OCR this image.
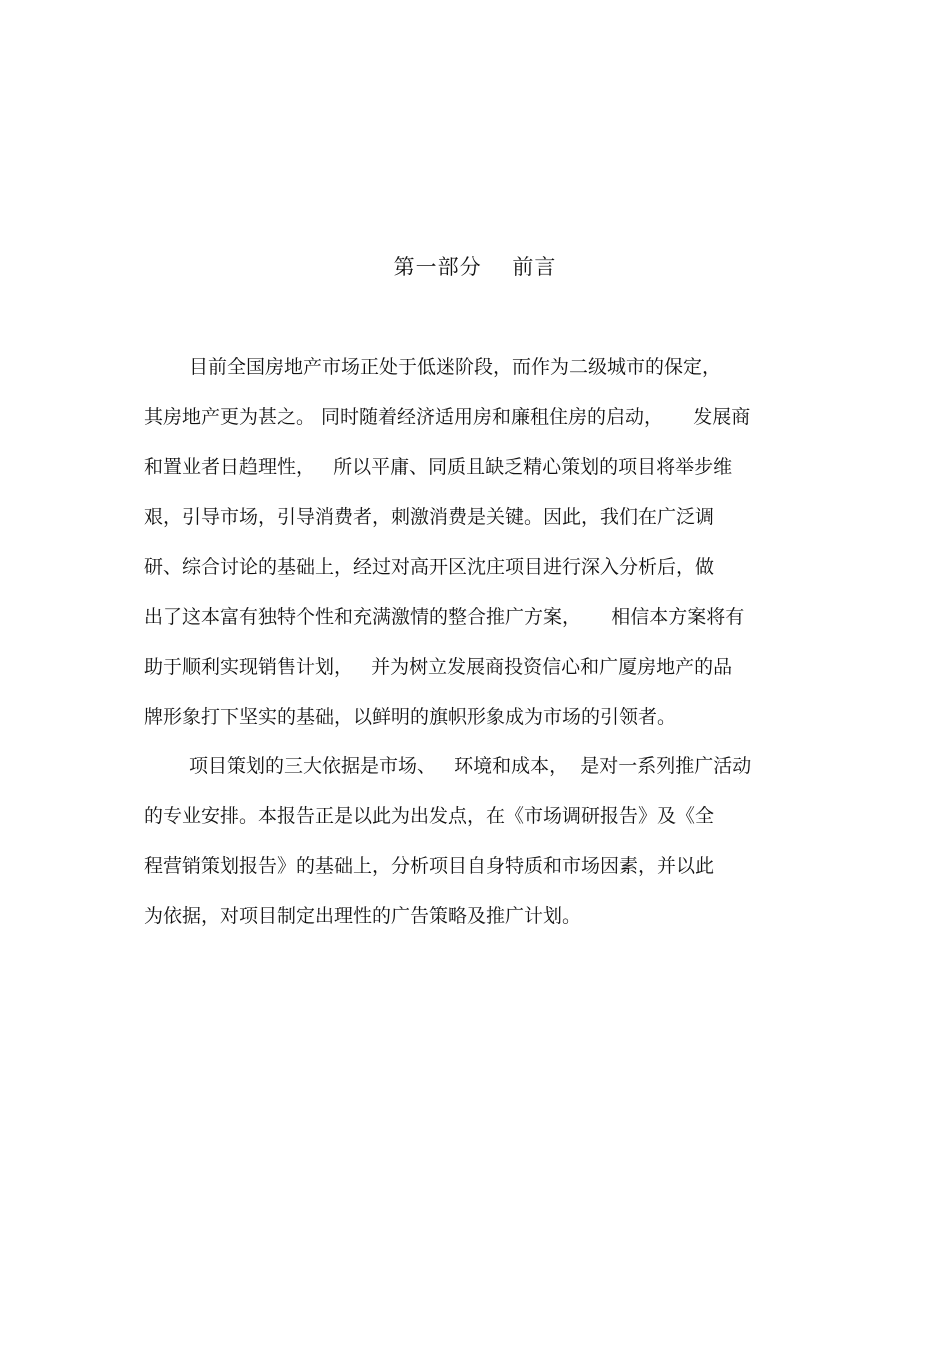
第一部分    前言
目前全国房地产市场正处于低迷阶段，而作为二级城市的保定，
其房地产更为甚之。 同时随着经济适用房和廉租住房的启动，     发展商
和置业者日趋理性，   所以平庸、同质且缺乏精心策划的项目将举步维
艰，引导市场，引导消费者，刺激消费是关键。因此，我们在广泛调
研、综合讨论的基础上，经过对高开区沈庄项目进行深入分析后，做
出了这本富有独特个性和充满激情的整合推广方案，     相信本方案将有
助于顺利实现销售计划，   并为树立发展商投资信心和广厦房地产的品
牌形象打下坚实的基础，以鲜明的旗帜形象成为市场的引领者。
项目策划的三大依据是市场、   环境和成本，  是对一系列推广活动
的专业安排。本报告正是以此为出发点，在《市场调研报告》及《全
程营销策划报告》的基础上，分析项目自身特质和市场因素，并以此
为依据，对项目制定出理性的广告策略及推广计划。
